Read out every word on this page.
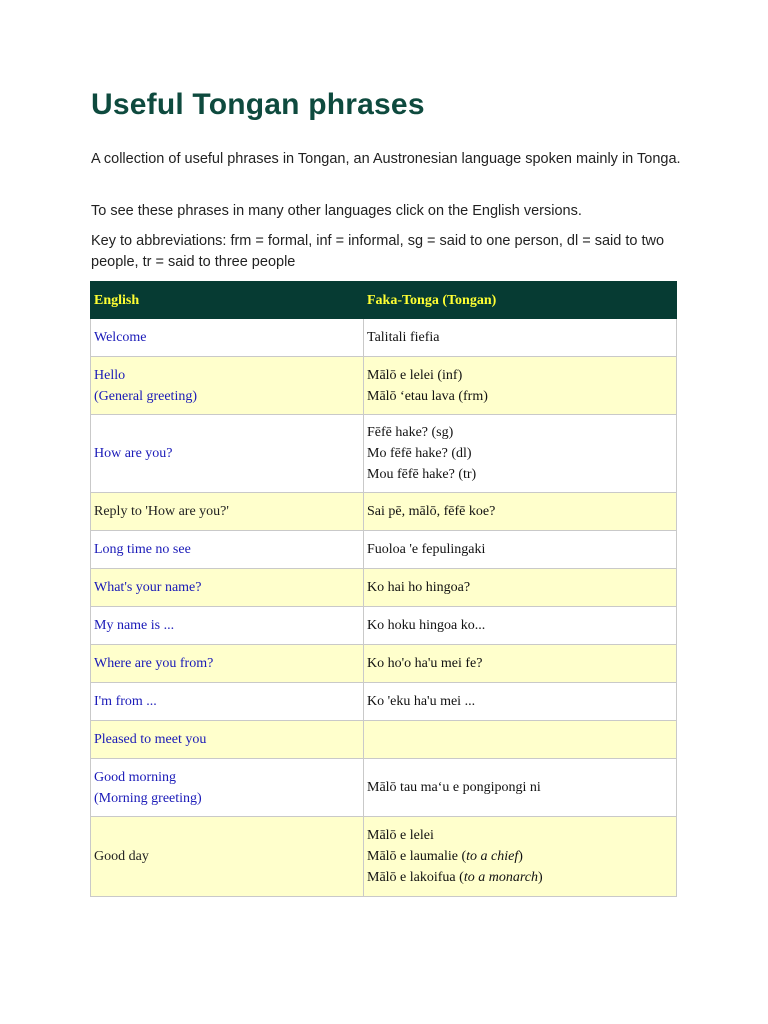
Useful Tongan phrases

A collection of useful phrases in Tongan, an Austronesian language spoken mainly in Tonga.

To see these phrases in many other languages click on the English versions.

Key to abbreviations: frm = formal, inf = informal, sg = said to one person, dl = said to two people, tr = said to three people

English	Faka-Tonga (Tongan)

Welcome	Talitali fiefia

Hello
(General greeting)	Mālō e lelei (inf)
Mālō ‘etau lava (frm)

How are you?	Fēfē hake? (sg)
Mo fēfē hake? (dl)
Mou fēfē hake? (tr)

Reply to 'How are you?'	Sai pē, mālō, fēfē koe?

Long time no see	Fuoloa 'e fepulingaki

What's your name?	Ko hai ho hingoa?

My name is ...	Ko hoku hingoa ko...

Where are you from?	Ko ho'o ha'u mei fe?

I'm from ...	Ko 'eku ha'u mei ...

Pleased to meet you	

Good morning
(Morning greeting)	Mālō tau ma‘u e pongipongi ni

Good day	Mālō e lelei
Mālō e laumalie (to a chief)
Mālō e lakoifua (to a monarch)
